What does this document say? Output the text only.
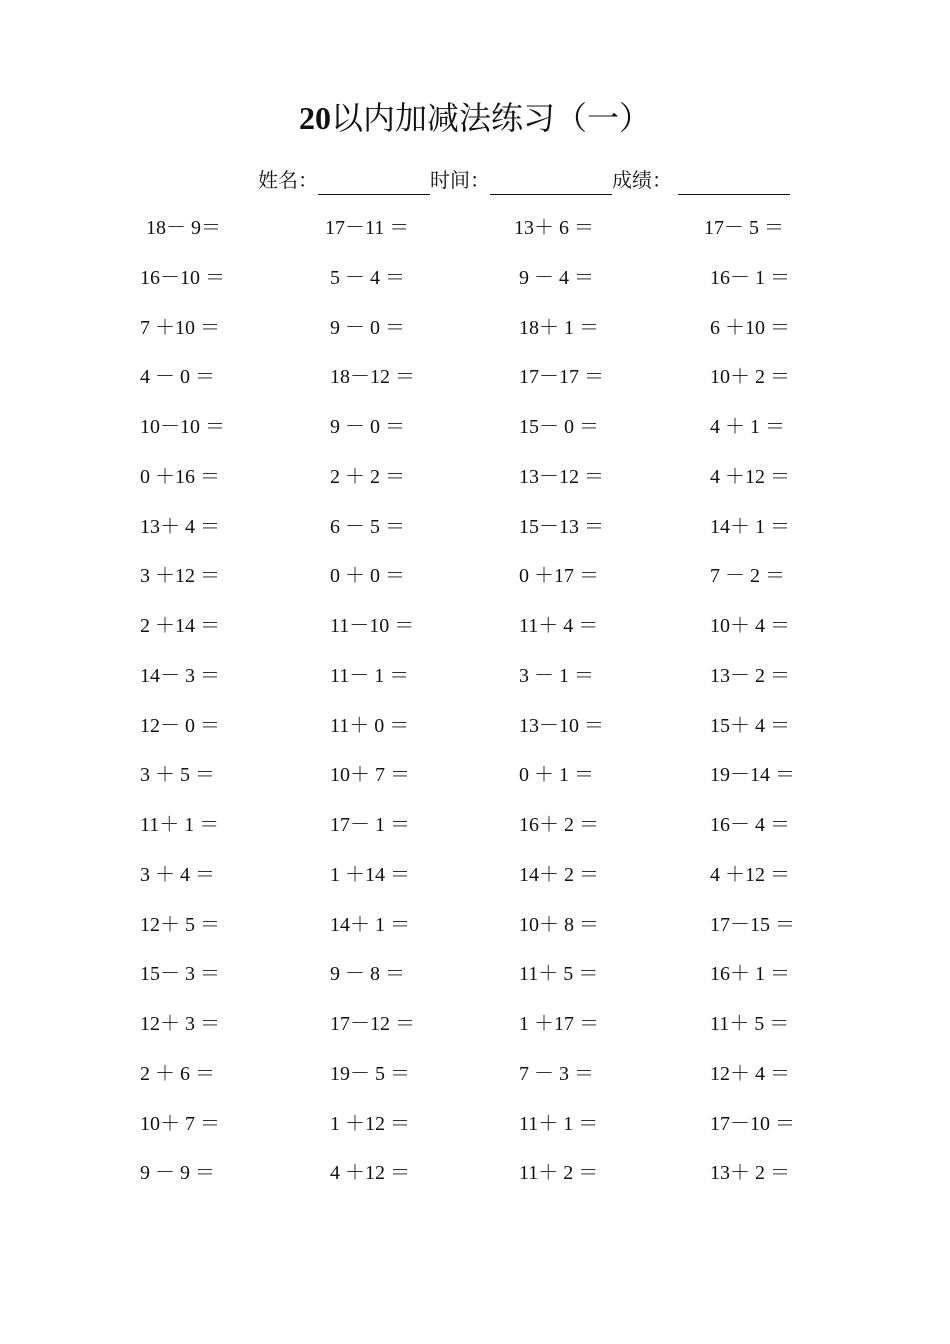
20以内加减法练习（一）
姓名：	时间：	成绩：
18－ 9＝	17－11 ＝	13＋ 6 ＝	17－ 5 ＝
16－10 ＝	5 － 4 ＝	9 － 4 ＝	16－ 1 ＝
7 ＋10 ＝	9 － 0 ＝	18＋ 1 ＝	6 ＋10 ＝
4 － 0 ＝	18－12 ＝	17－17 ＝	10＋ 2 ＝
10－10 ＝	9 － 0 ＝	15－ 0 ＝	4 ＋ 1 ＝
0 ＋16 ＝	2 ＋ 2 ＝	13－12 ＝	4 ＋12 ＝
13＋ 4 ＝	6 － 5 ＝	15－13 ＝	14＋ 1 ＝
3 ＋12 ＝	0 ＋ 0 ＝	0 ＋17 ＝	7 － 2 ＝
2 ＋14 ＝	11－10 ＝	11＋ 4 ＝	10＋ 4 ＝
14－ 3 ＝	11－ 1 ＝	3 － 1 ＝	13－ 2 ＝
12－ 0 ＝	11＋ 0 ＝	13－10 ＝	15＋ 4 ＝
3 ＋ 5 ＝	10＋ 7 ＝	0 ＋ 1 ＝	19－14 ＝
11＋ 1 ＝	17－ 1 ＝	16＋ 2 ＝	16－ 4 ＝
3 ＋ 4 ＝	1 ＋14 ＝	14＋ 2 ＝	4 ＋12 ＝
12＋ 5 ＝	14＋ 1 ＝	10＋ 8 ＝	17－15 ＝
15－ 3 ＝	9 － 8 ＝	11＋ 5 ＝	16＋ 1 ＝
12＋ 3 ＝	17－12 ＝	1 ＋17 ＝	11＋ 5 ＝
2 ＋ 6 ＝	19－ 5 ＝	7 － 3 ＝	12＋ 4 ＝
10＋ 7 ＝	1 ＋12 ＝	11＋ 1 ＝	17－10 ＝
9 － 9 ＝	4 ＋12 ＝	11＋ 2 ＝	13＋ 2 ＝
